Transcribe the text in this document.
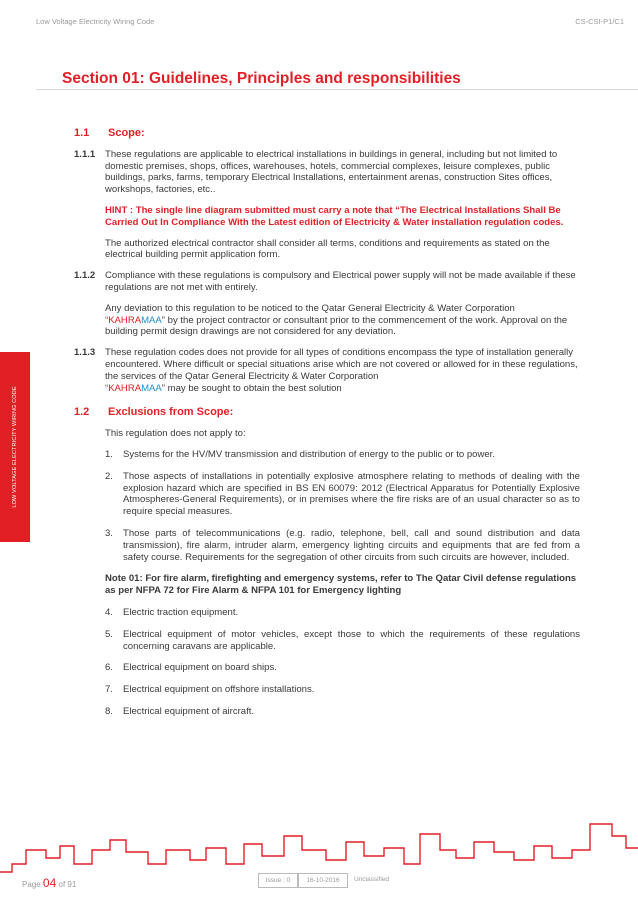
Low Voltage Electricity Wiring Code	CS-CSI-P1/C1
Section 01: Guidelines, Principles and responsibilities
LOW VOLTAGE ELECTRICITY WIRING CODE
1.1	Scope:
1.1.1	These regulations are applicable to electrical installations in buildings in general, including but not limited to domestic premises, shops, offices, warehouses, hotels, commercial complexes, leisure complexes, public buildings, parks, farms, temporary Electrical Installations, entertainment arenas, construction Sites offices, workshops, factories, etc..

HINT : The single line diagram submitted must carry a note that “The Electrical Installations Shall Be Carried Out In Compliance With the Latest edition of Electricity & Water installation regulation codes.

The authorized electrical contractor shall consider all terms, conditions and requirements as stated on the electrical building permit application form.

1.1.2	Compliance with these regulations is compulsory and Electrical power supply will not be made available if these regulations are not met with entirely.

Any deviation to this regulation to be noticed to the Qatar General Electricity & Water Corporation
“KAHRAMAA” by the project contractor or consultant prior to the commencement of the work. Approval on the building permit design drawings are not considered for any deviation.

1.1.3	These regulation codes does not provide for all types of conditions encompass the type of installation generally encountered. Where difficult or special situations arise which are not covered or allowed for in these regulations, the services of the Qatar General Electricity & Water Corporation
“KAHRAMAA” may be sought to obtain the best solution

1.2	Exclusions from Scope:

This regulation does not apply to:

1.	Systems for the HV/MV transmission and distribution of energy to the public or to power.
2.	Those aspects of installations in potentially explosive atmosphere relating to methods of dealing with the explosion hazard which are specified in BS EN 60079: 2012 (Electrical Apparatus for Potentially Explosive Atmospheres-General Requirements), or in premises where the fire risks are of an usual character so as to require special measures.
3.	Those parts of telecommunications (e.g. radio, telephone, bell, call and sound distribution and data transmission), fire alarm, intruder alarm, emergency lighting circuits and equipments that are fed from a safety course. Requirements for the segregation of other circuits from such circuits are however, included.
Note 01: For fire alarm, firefighting and emergency systems, refer to The Qatar Civil defense regulations as per NFPA 72 for Fire Alarm & NFPA 101 for Emergency lighting
4.	Electric traction equipment.
5.	Electrical equipment of motor vehicles, except those to which the requirements of these regulations concerning caravans are applicable.
6.	Electrical equipment on board ships.
7.	Electrical equipment on offshore installations.
8.	Electrical equipment of aircraft.
Page 04 of 91	Issue : 0	16-10-2016	Unclassified
